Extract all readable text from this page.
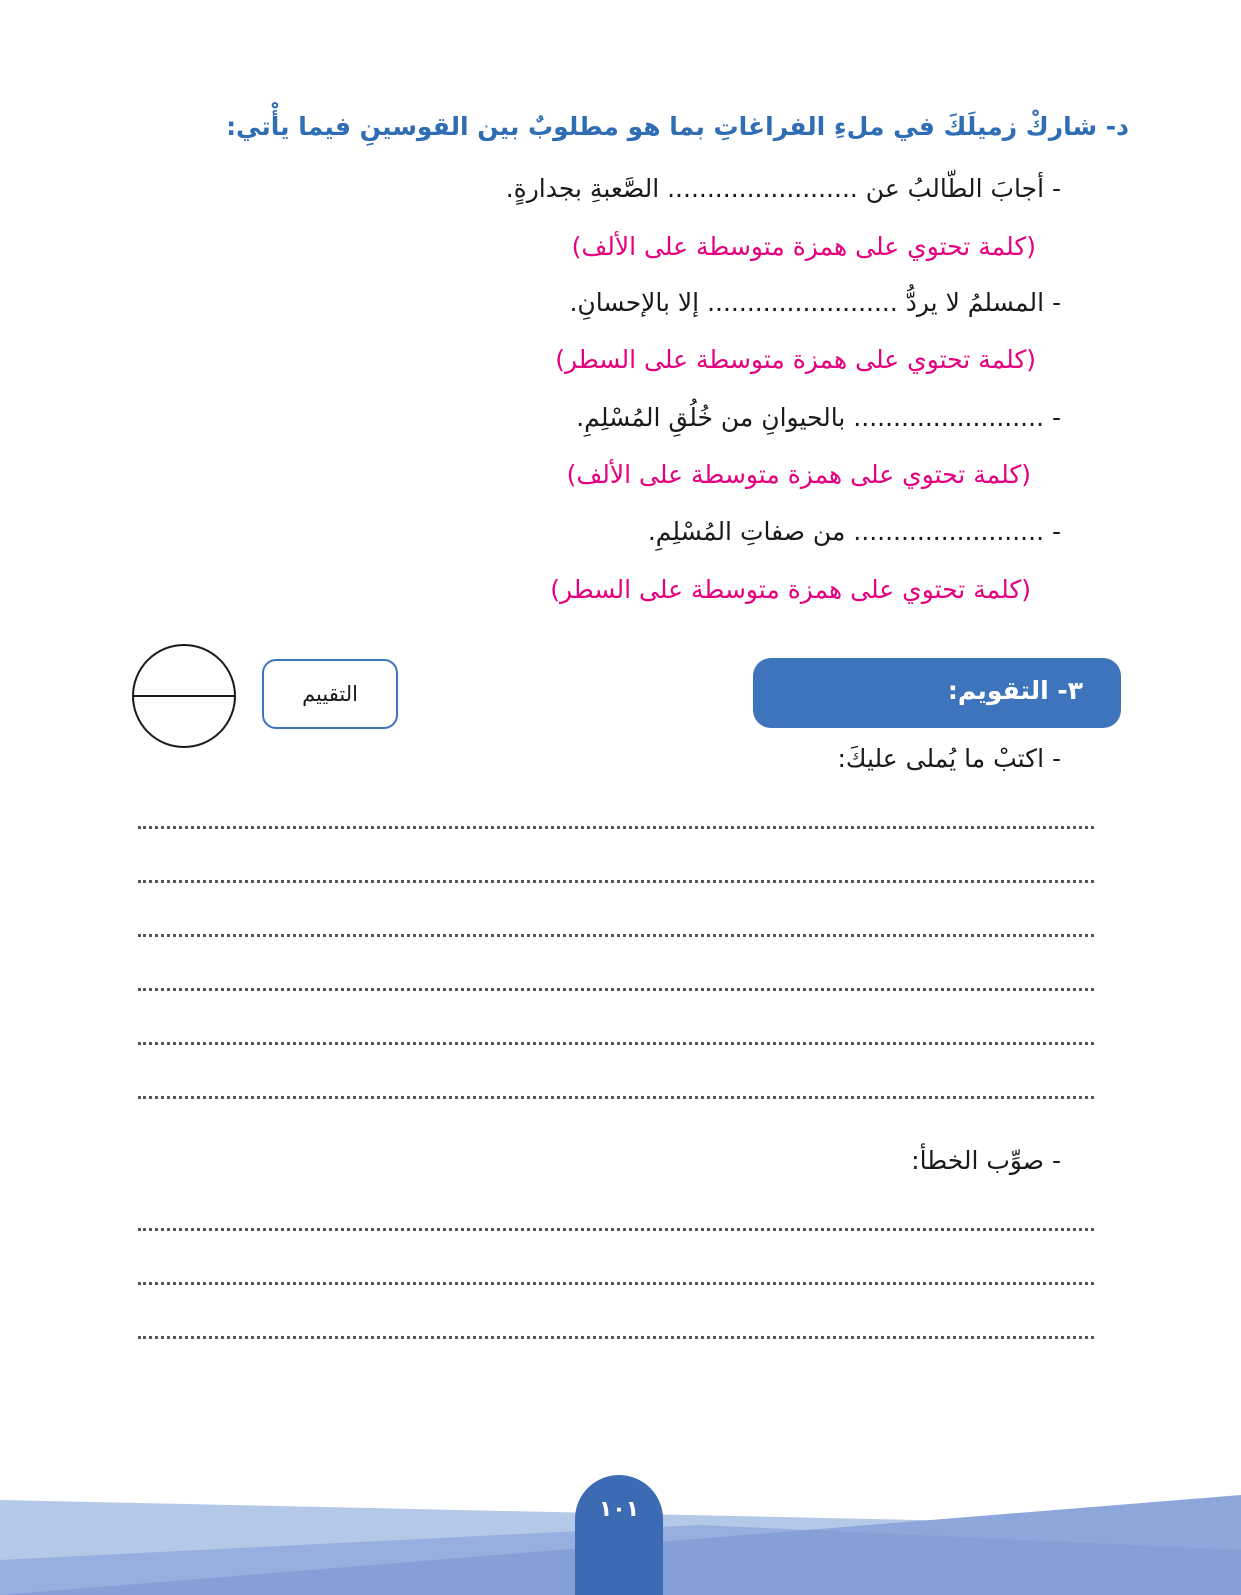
د- شاركْ زميلَكَ في ملءِ الفراغاتِ بما هو مطلوبٌ بين القوسينِ فيما يأْتي:
- أجابَ الطّالبُ عن ........................ الصَّعبةِ بجدارةٍ.
(كلمة تحتوي على همزة متوسطة على الألف)
- المسلمُ لا يردُّ ........................ إلا بالإحسانِ.
(كلمة تحتوي على همزة متوسطة على السطر)
- ........................ بالحيوانِ من خُلُقِ المُسْلِمِ.
(كلمة تحتوي على همزة متوسطة على الألف)
- ........................ من صفاتِ المُسْلِمِ.
(كلمة تحتوي على همزة متوسطة على السطر)
التقييم	٣- التقويم:
- اكتبْ ما يُملى عليكَ:
- صوِّب الخطأ:
١٠١
